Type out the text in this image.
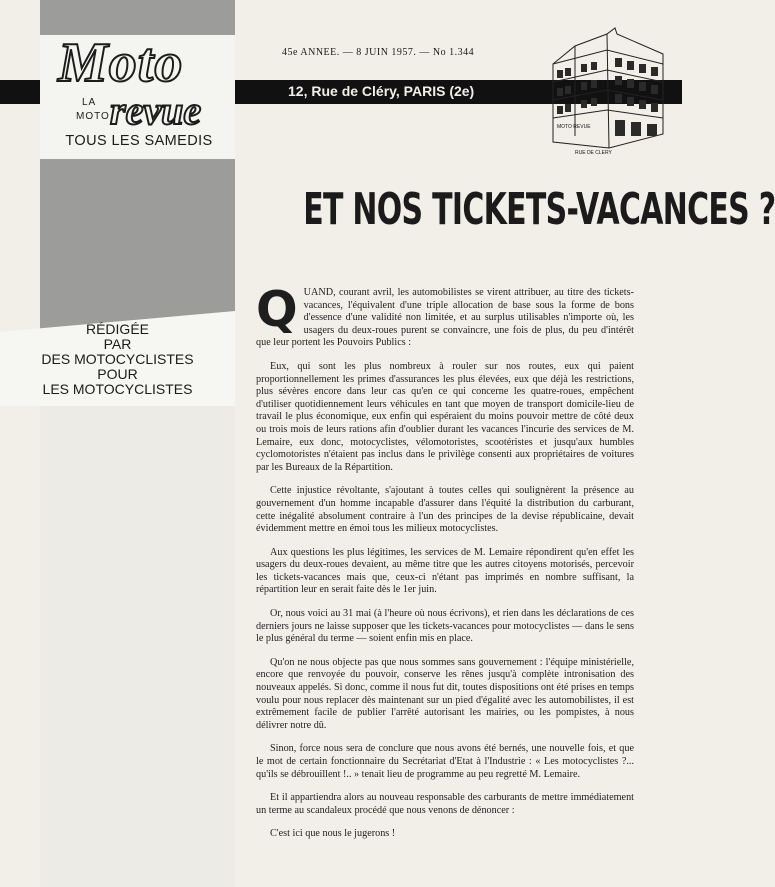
Moto
LA
MOTO revue
TOUS LES SAMEDIS
45e ANNEE. — 8 JUIN 1957. — No 1.344
12, Rue de Cléry, PARIS (2e)
MOTO REVUE
RUE DE CLERY
RÉDIGÉE
PAR
DES MOTOCYCLISTES
POUR
LES MOTOCYCLISTES
ET NOS TICKETS-VACANCES ?

Q UAND, courant avril, les automobilistes se virent attribuer, au titre des tickets-vacances, l'équivalent d'une triple allocation de base sous la forme de bons d'essence d'une validité non limitée, et au surplus utilisables n'importe où, les usagers du deux-roues purent se convaincre, une fois de plus, du peu d'intérêt que leur portent les Pouvoirs Publics :

Eux, qui sont les plus nombreux à rouler sur nos routes, eux qui paient proportionnellement les primes d'assurances les plus élevées, eux que déjà les restrictions, plus sévères encore dans leur cas qu'en ce qui concerne les quatre-roues, empêchent d'utiliser quotidiennement leurs véhicules en tant que moyen de transport domicile-lieu de travail le plus économique, eux enfin qui espéraient du moins pouvoir mettre de côté deux ou trois mois de leurs rations afin d'oublier durant les vacances l'incurie des services de M. Lemaire, eux donc, motocyclistes, vélomotoristes, scootéristes et jusqu'aux humbles cyclomotoristes n'étaient pas inclus dans le privilège consenti aux propriétaires de voitures par les Bureaux de la Répartition.

Cette injustice révoltante, s'ajoutant à toutes celles qui soulignèrent la présence au gouvernement d'un homme incapable d'assurer dans l'équité la distribution du carburant, cette inégalité absolument contraire à l'un des principes de la devise républicaine, devait évidemment mettre en émoi tous les milieux motocyclistes.

Aux questions les plus légitimes, les services de M. Lemaire répondirent qu'en effet les usagers du deux-roues devaient, au même titre que les autres citoyens motorisés, percevoir les tickets-vacances mais que, ceux-ci n'étant pas imprimés en nombre suffisant, la répartition leur en serait faite dès le 1er juin.

Or, nous voici au 31 mai (à l'heure où nous écrivons), et rien dans les déclarations de ces derniers jours ne laisse supposer que les tickets-vacances pour motocyclistes — dans le sens le plus général du terme — soient enfin mis en place.

Qu'on ne nous objecte pas que nous sommes sans gouvernement : l'équipe ministérielle, encore que renvoyée du pouvoir, conserve les rênes jusqu'à complète intronisation des nouveaux appelés. Si donc, comme il nous fut dit, toutes dispositions ont été prises en temps voulu pour nous replacer dès maintenant sur un pied d'égalité avec les automobilistes, il est extrêmement facile de publier l'arrêté autorisant les mairies, ou les pompistes, à nous délivrer notre dû.

Sinon, force nous sera de conclure que nous avons été bernés, une nouvelle fois, et que le mot de certain fonctionnaire du Secrétariat d'Etat à l'Industrie : « Les motocyclistes ?... qu'ils se débrouillent !.. » tenait lieu de programme au peu regretté M. Lemaire.

Et il appartiendra alors au nouveau responsable des carburants de mettre immédiatement un terme au scandaleux procédé que nous venons de dénoncer :

C'est ici que nous le jugerons !
